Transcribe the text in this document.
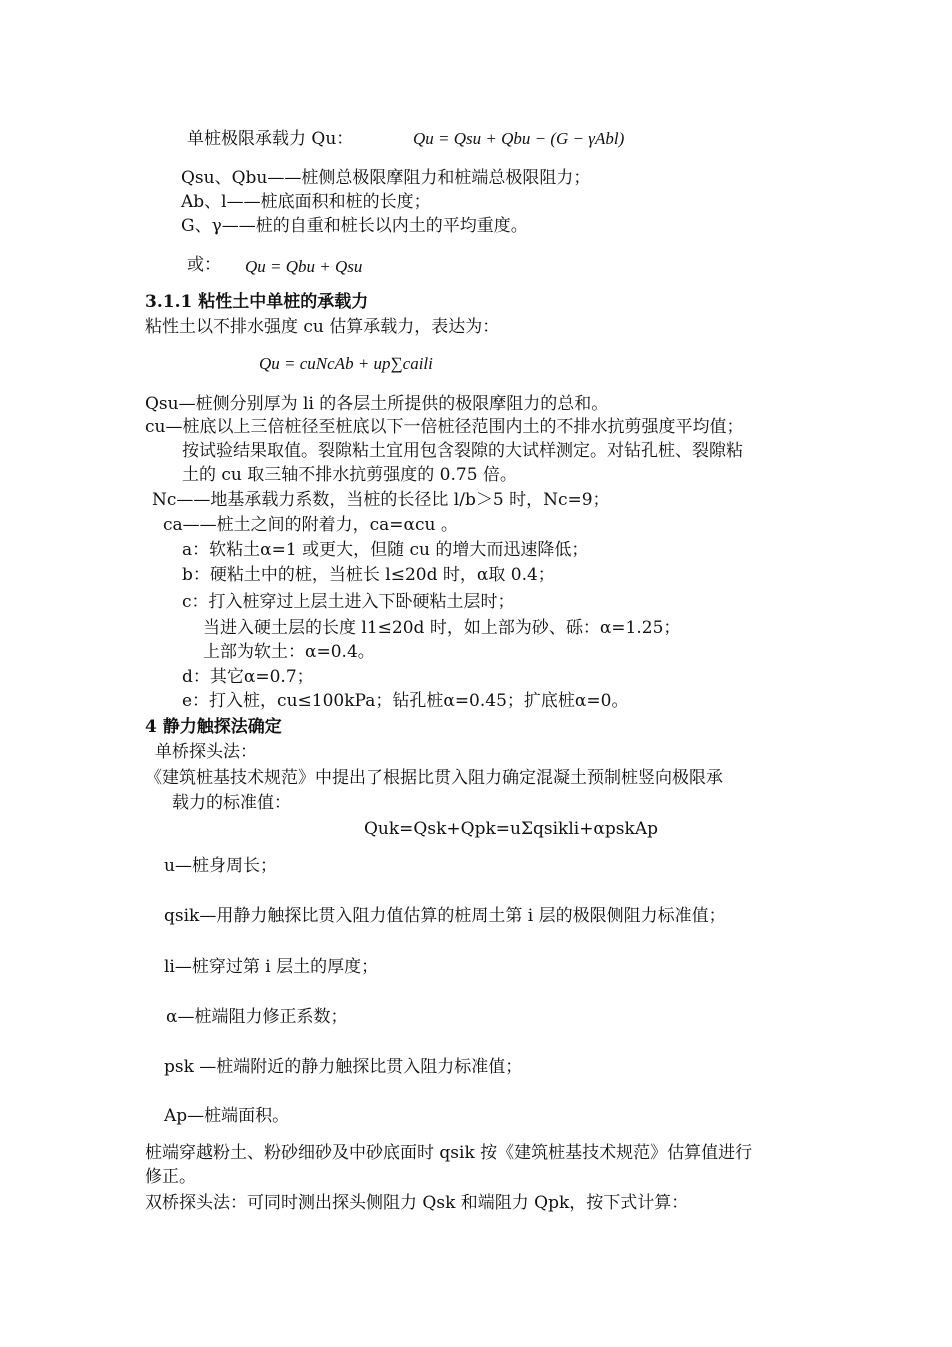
单桩极限承载力 Qu：	Qu = Qsu + Qbu − (G − γAbl)
Qsu、Qbu——桩侧总极限摩阻力和桩端总极限阻力；
Ab、l——桩底面积和桩的长度；
G、γ——桩的自重和桩长以内土的平均重度。
或： Qu = Qbu + Qsu
3.1.1 粘性土中单桩的承载力
粘性土以不排水强度 cu 估算承载力，表达为：
Qu = cuNcAb + up∑caili
Qsu—桩侧分别厚为 li 的各层土所提供的极限摩阻力的总和。
cu—桩底以上三倍桩径至桩底以下一倍桩径范围内土的不排水抗剪强度平均值；
按试验结果取值。裂隙粘土宜用包含裂隙的大试样测定。对钻孔桩、裂隙粘
土的 cu 取三轴不排水抗剪强度的 0.75 倍。
Nc——地基承载力系数，当桩的长径比 l/b＞5 时，Nc=9；
ca——桩土之间的附着力，ca=αcu 。
a：软粘土α=1 或更大，但随 cu 的增大而迅速降低；
b：硬粘土中的桩，当桩长 l≤20d 时，α取 0.4；
c：打入桩穿过上层土进入下卧硬粘土层时；
当进入硬土层的长度 l1≤20d 时，如上部为砂、砾：α=1.25；
上部为软土：α=0.4。
d：其它α=0.7；
e：打入桩，cu≤100kPa；钻孔桩α=0.45；扩底桩α=0。
4 静力触探法确定
单桥探头法：
《建筑桩基技术规范》中提出了根据比贯入阻力确定混凝土预制桩竖向极限承
载力的标准值：
Quk=Qsk+Qpk=uΣqsikli+αpskAp
u—桩身周长；
qsik—用静力触探比贯入阻力值估算的桩周土第 i 层的极限侧阻力标准值；
li—桩穿过第 i 层土的厚度；
α—桩端阻力修正系数；
psk —桩端附近的静力触探比贯入阻力标准值；
Ap—桩端面积。
桩端穿越粉土、粉砂细砂及中砂底面时 qsik 按《建筑桩基技术规范》估算值进行
修正。
双桥探头法：可同时测出探头侧阻力 Qsk 和端阻力 Qpk，按下式计算：
